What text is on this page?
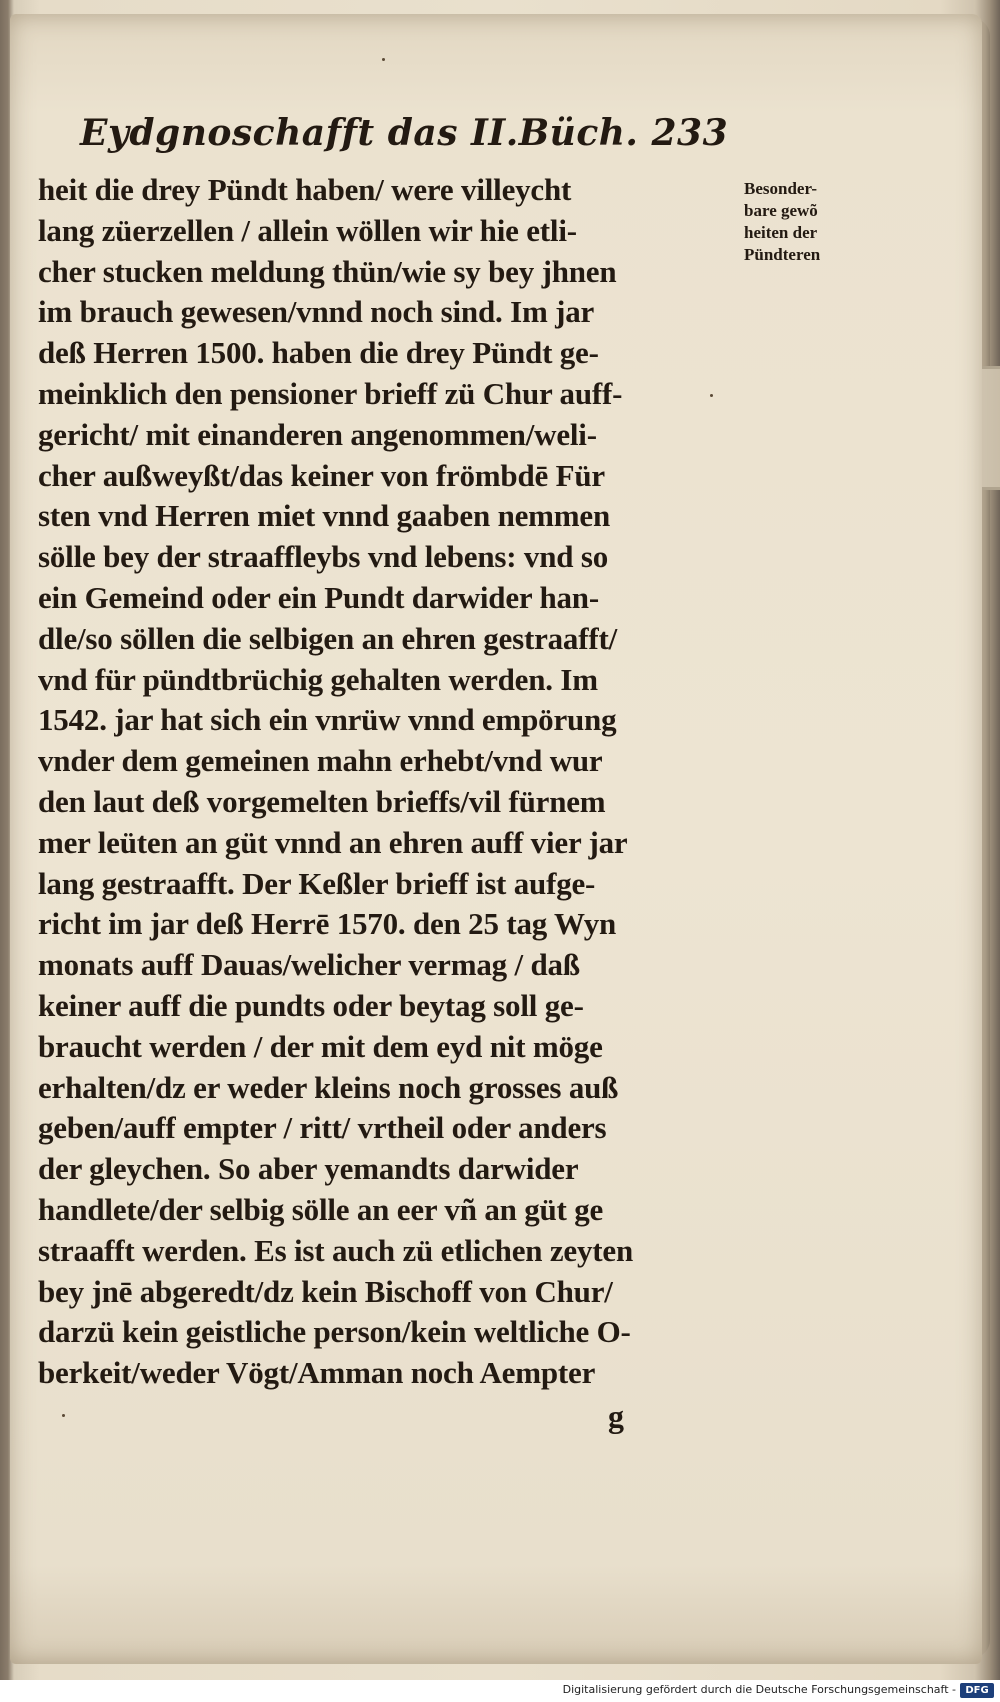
Eydgnoschafft das II.Büch. 233
Besonder-
bare gewõ
heiten der
Pündteren
heit die drey Pündt haben/ were villeycht
lang züerzellen / allein wöllen wir hie etli-
cher stucken meldung thün/wie sy bey jhnen
im brauch gewesen/vnnd noch sind. Im jar
deß Herren 1500. haben die drey Pündt ge-
meinklich den pensioner brieff zü Chur auff-
gericht/ mit einanderen angenommen/weli-
cher außweyßt/das keiner von frömbdē Für
sten vnd Herren miet vnnd gaaben nemmen
sölle bey der straaffleybs vnd lebens: vnd so
ein Gemeind oder ein Pundt darwider han-
dle/so söllen die selbigen an ehren gestraafft/
vnd für pündtbrüchig gehalten werden. Im
1542. jar hat sich ein vnrüw vnnd empörung
vnder dem gemeinen mahn erhebt/vnd wur
den laut deß vorgemelten brieffs/vil fürnem
mer leüten an güt vnnd an ehren auff vier jar
lang gestraafft. Der Keßler brieff ist aufge-
richt im jar deß Herrē 1570. den 25 tag Wyn
monats auff Dauas/welicher vermag / daß
keiner auff die pundts oder beytag soll ge-
braucht werden / der mit dem eyd nit möge
erhalten/dz er weder kleins noch grosses auß
geben/auff empter / ritt/ vrtheil oder anders
der gleychen. So aber yemandts darwider
handlete/der selbig sölle an eer vñ an güt ge
straafft werden. Es ist auch zü etlichen zeyten
bey jnē abgeredt/dz kein Bischoff von Chur/
darzü kein geistliche person/kein weltliche O-
berkeit/weder Vögt/Amman noch Aempter
g
Digitalisierung gefördert durch die Deutsche Forschungsgemeinschaft - DFG
